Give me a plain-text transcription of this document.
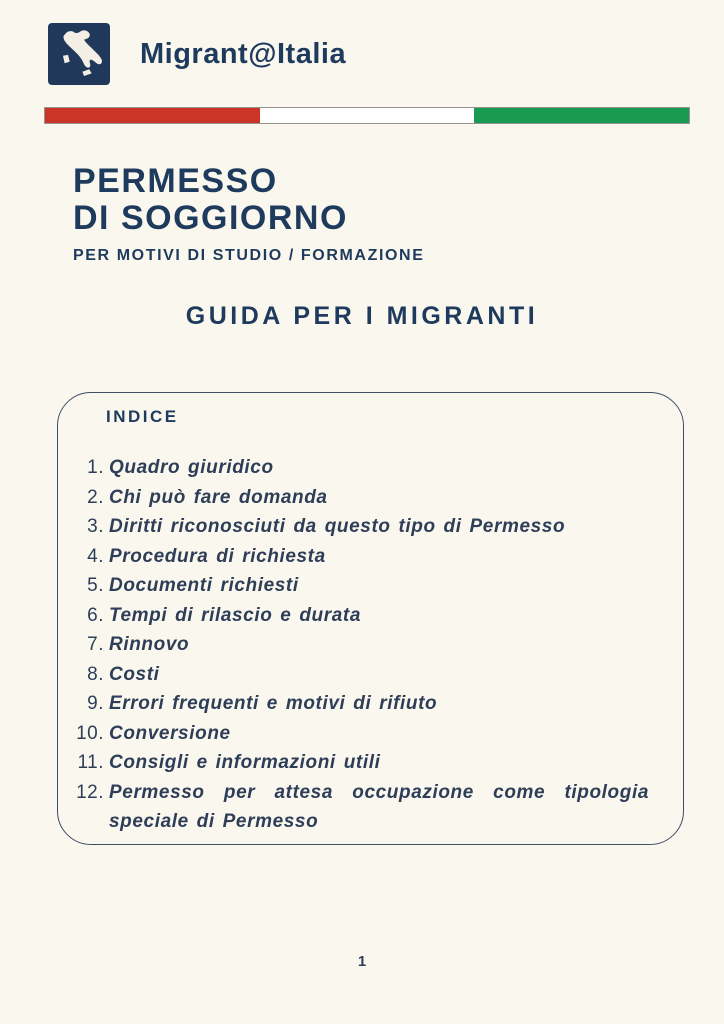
Migrant@Italia
PERMESSO
DI SOGGIORNO
PER MOTIVI DI STUDIO / FORMAZIONE
GUIDA PER I MIGRANTI
INDICE
1. Quadro giuridico
2. Chi può fare domanda
3. Diritti riconosciuti da questo tipo di Permesso
4. Procedura di richiesta
5. Documenti richiesti
6. Tempi di rilascio e durata
7. Rinnovo
8. Costi
9. Errori frequenti e motivi di rifiuto
10. Conversione
11. Consigli e informazioni utili
12. Permesso per attesa occupazione come tipologia speciale di Permesso
1
